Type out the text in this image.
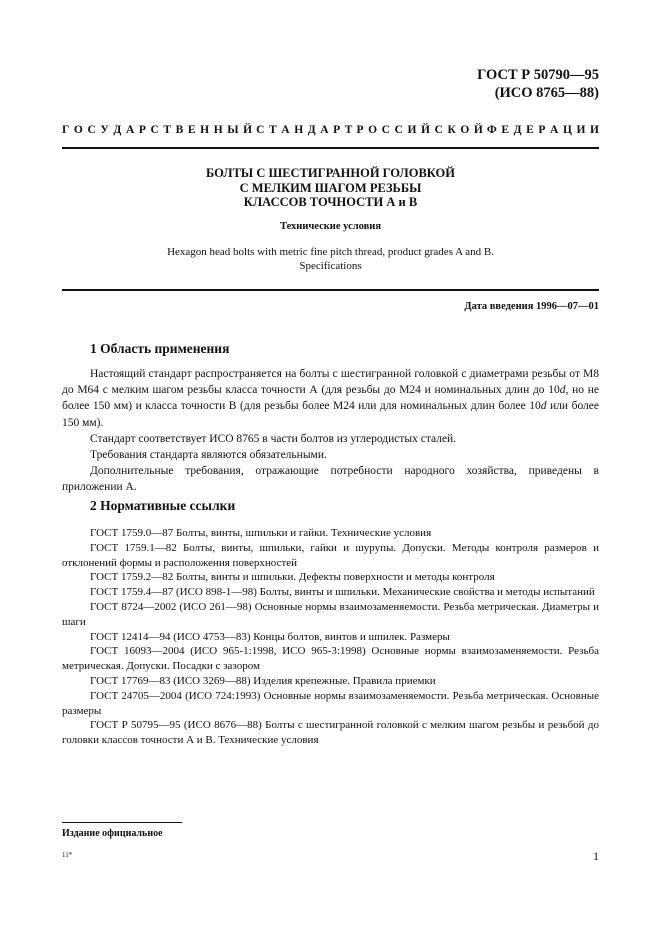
ГОСТ Р 50790—95
(ИСО 8765—88)
Г О С У Д А Р С Т В Е Н Н Ы Й С Т А Н Д А Р Т Р О С С И Й С К О Й Ф Е Д Е Р А Ц И И
БОЛТЫ С ШЕСТИГРАННОЙ ГОЛОВКОЙ
С МЕЛКИМ ШАГОМ РЕЗЬБЫ
КЛАССОВ ТОЧНОСТИ А и В
Технические условия
Hexagon head bolts with metric fine pitch thread, product grades A and B.
Specifications
Дата введения 1996—07—01
1 Область применения

Настоящий стандарт распространяется на болты с шестигранной головкой с диаметрами резьбы от М8 до М64 с мелким шагом резьбы класса точности А (для резьбы до М24 и номинальных длин до 10d, но не более 150 мм) и класса точности В (для резьбы более М24 или для номинальных длин более 10d или более 150 мм).

Стандарт соответствует ИСО 8765 в части болтов из углеродистых сталей.

Требования стандарта являются обязательными.

Дополнительные требования, отражающие потребности народного хозяйства, приведены в приложении А.

2 Нормативные ссылки

ГОСТ 1759.0—87 Болты, винты, шпильки и гайки. Технические условия

ГОСТ 1759.1—82 Болты, винты, шпильки, гайки и шурупы. Допуски. Методы контроля размеров и отклонений формы и расположения поверхностей

ГОСТ 1759.2—82 Болты, винты и шпильки. Дефекты поверхности и методы контроля

ГОСТ 1759.4—87 (ИСО 898-1—98) Болты, винты и шпильки. Механические свойства и методы испытаний

ГОСТ 8724—2002 (ИСО 261—98) Основные нормы взаимозаменяемости. Резьба метрическая. Диаметры и шаги

ГОСТ 12414—94 (ИСО 4753—83) Концы болтов, винтов и шпилек. Размеры

ГОСТ 16093—2004 (ИСО 965-1:1998, ИСО 965-3:1998) Основные нормы взаимозаменяемости. Резьба метрическая. Допуски. Посадки с зазором

ГОСТ 17769—83 (ИСО 3269—88) Изделия крепежные. Правила приемки

ГОСТ 24705—2004 (ИСО 724:1993) Основные нормы взаимозаменяемости. Резьба метрическая. Основные размеры

ГОСТ Р 50795—95 (ИСО 8676—88) Болты с шестигранной головкой с мелким шагом резьбы и резьбой до головки классов точности А и В. Технические условия

Издание официальное
11*	1
